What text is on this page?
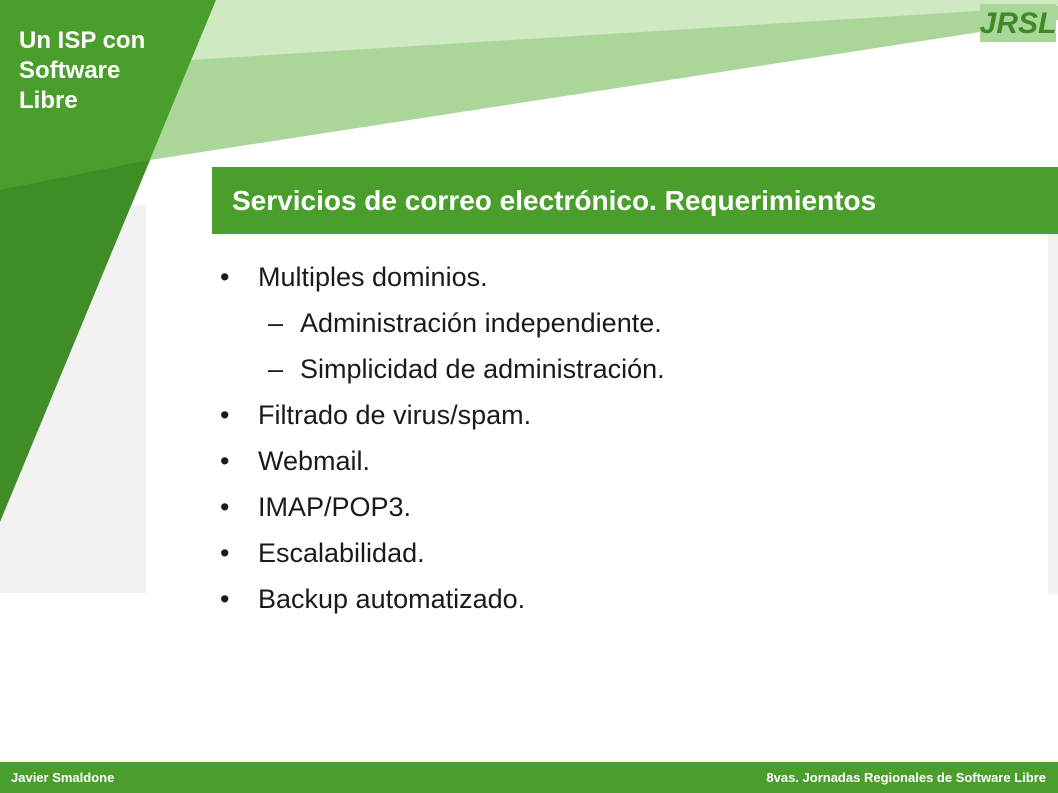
JRSL
Un ISP con
Software
Libre
Servicios de correo electrónico. Requerimientos
•	Multiples dominios.
– Administración independiente.
– Simplicidad de administración.
•	Filtrado de virus/spam.
•	Webmail.
•	IMAP/POP3.
•	Escalabilidad.
•	Backup automatizado.
Javier Smaldone	8vas. Jornadas Regionales de Software Libre
